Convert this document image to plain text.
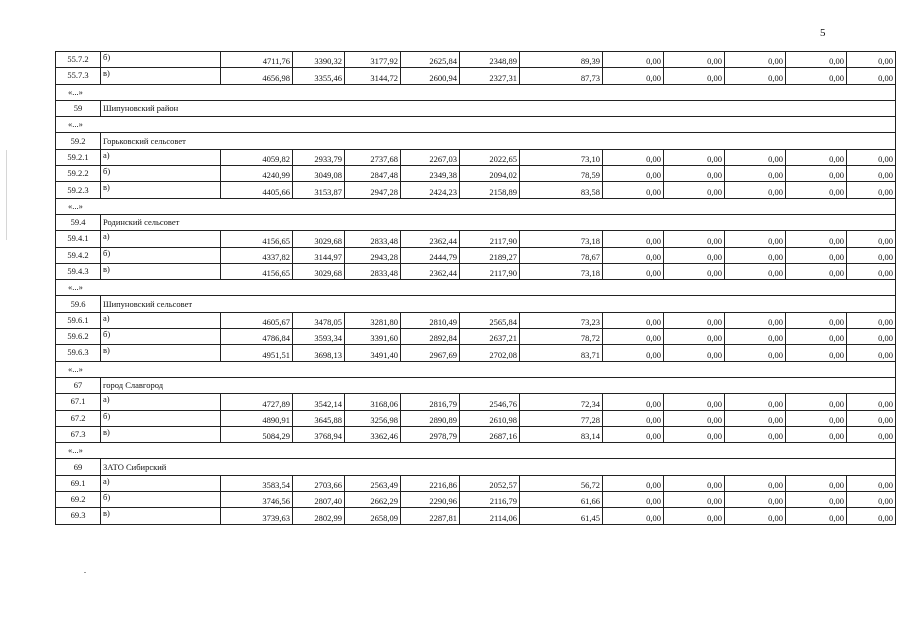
5
55.7.2	б)	4711,76	3390,32	3177,92	2625,84	2348,89	89,39	0,00	0,00	0,00	0,00	0,00
55.7.3	в)	4656,98	3355,46	3144,72	2600,94	2327,31	87,73	0,00	0,00	0,00	0,00	0,00
«...»												
59	Шипуновский район											
«...»												
59.2	Горьковский сельсовет											
59.2.1	а)	4059,82	2933,79	2737,68	2267,03	2022,65	73,10	0,00	0,00	0,00	0,00	0,00
59.2.2	б)	4240,99	3049,08	2847,48	2349,38	2094,02	78,59	0,00	0,00	0,00	0,00	0,00
59.2.3	в)	4405,66	3153,87	2947,28	2424,23	2158,89	83,58	0,00	0,00	0,00	0,00	0,00
«...»												
59.4	Родинский сельсовет											
59.4.1	а)	4156,65	3029,68	2833,48	2362,44	2117,90	73,18	0,00	0,00	0,00	0,00	0,00
59.4.2	б)	4337,82	3144,97	2943,28	2444,79	2189,27	78,67	0,00	0,00	0,00	0,00	0,00
59.4.3	в)	4156,65	3029,68	2833,48	2362,44	2117,90	73,18	0,00	0,00	0,00	0,00	0,00
«...»												
59.6	Шипуновский сельсовет											
59.6.1	а)	4605,67	3478,05	3281,80	2810,49	2565,84	73,23	0,00	0,00	0,00	0,00	0,00
59.6.2	б)	4786,84	3593,34	3391,60	2892,84	2637,21	78,72	0,00	0,00	0,00	0,00	0,00
59.6.3	в)	4951,51	3698,13	3491,40	2967,69	2702,08	83,71	0,00	0,00	0,00	0,00	0,00
«...»												
67	город Славгород											
67.1	а)	4727,89	3542,14	3168,06	2816,79	2546,76	72,34	0,00	0,00	0,00	0,00	0,00
67.2	б)	4890,91	3645,88	3256,98	2890,89	2610,98	77,28	0,00	0,00	0,00	0,00	0,00
67.3	в)	5084,29	3768,94	3362,46	2978,79	2687,16	83,14	0,00	0,00	0,00	0,00	0,00
«...»												
69	ЗАТО Сибирский											
69.1	а)	3583,54	2703,66	2563,49	2216,86	2052,57	56,72	0,00	0,00	0,00	0,00	0,00
69.2	б)	3746,56	2807,40	2662,29	2290,96	2116,79	61,66	0,00	0,00	0,00	0,00	0,00
69.3	в)	3739,63	2802,99	2658,09	2287,81	2114,06	61,45	0,00	0,00	0,00	0,00	0,00
